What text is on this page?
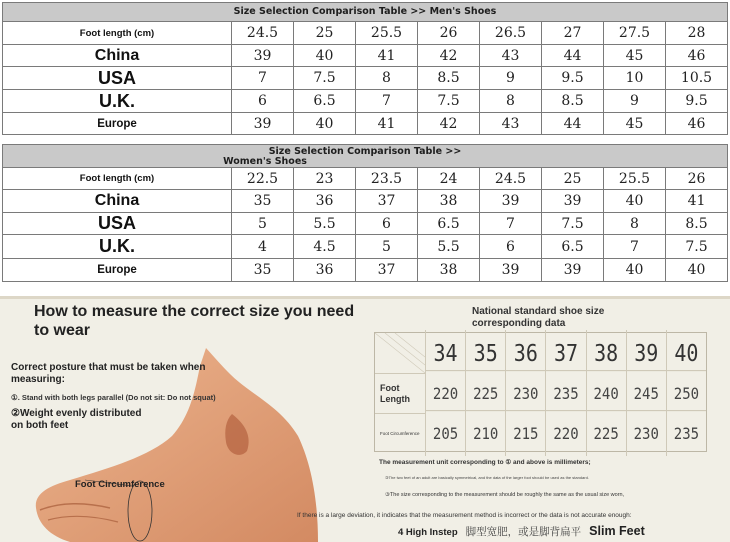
Size Selection Comparison Table >> Men's Shoes
Foot length (cm)	24.5	25	25.5	26	26.5	27	27.5	28
China	39	40	41	42	43	44	45	46
USA	7	7.5	8	8.5	9	9.5	10	10.5
U.K.	6	6.5	7	7.5	8	8.5	9	9.5
Europe	39	40	41	42	43	44	45	46
Size Selection Comparison Table >>
Women's Shoes
Foot length (cm)	22.5	23	23.5	24	24.5	25	25.5	26
China	35	36	37	38	39	39	40	41
USA	5	5.5	6	6.5	7	7.5	8	8.5
U.K.	4	4.5	5	5.5	6	6.5	7	7.5
Europe	35	36	37	38	39	39	40	40
How to measure the correct size you need to wear
Correct posture that must be taken when measuring:
①. Stand with both legs parallel (Do not sit: Do not squat)
②Weight evenly distributed on both feet
Foot Circumference
National standard shoe size corresponding data
34 35 36 37 38 39 40
Foot Length	220	225	230	235	240	245	250
Foot Circumference 205	210	215	220	225	230	235
The measurement unit corresponding to ① and above is millimeters;
③The two feet of an adult are basically symmetrical, and the data of the larger foot should be used as the standard.
③The size corresponding to the measurement should be roughly the same as the usual size worn,
If there is a large deviation, it indicates that the measurement method is incorrect or the data is not accurate enough:
4 High Instep 脚型宽肥，或是脚背扁平 Slim Feet
